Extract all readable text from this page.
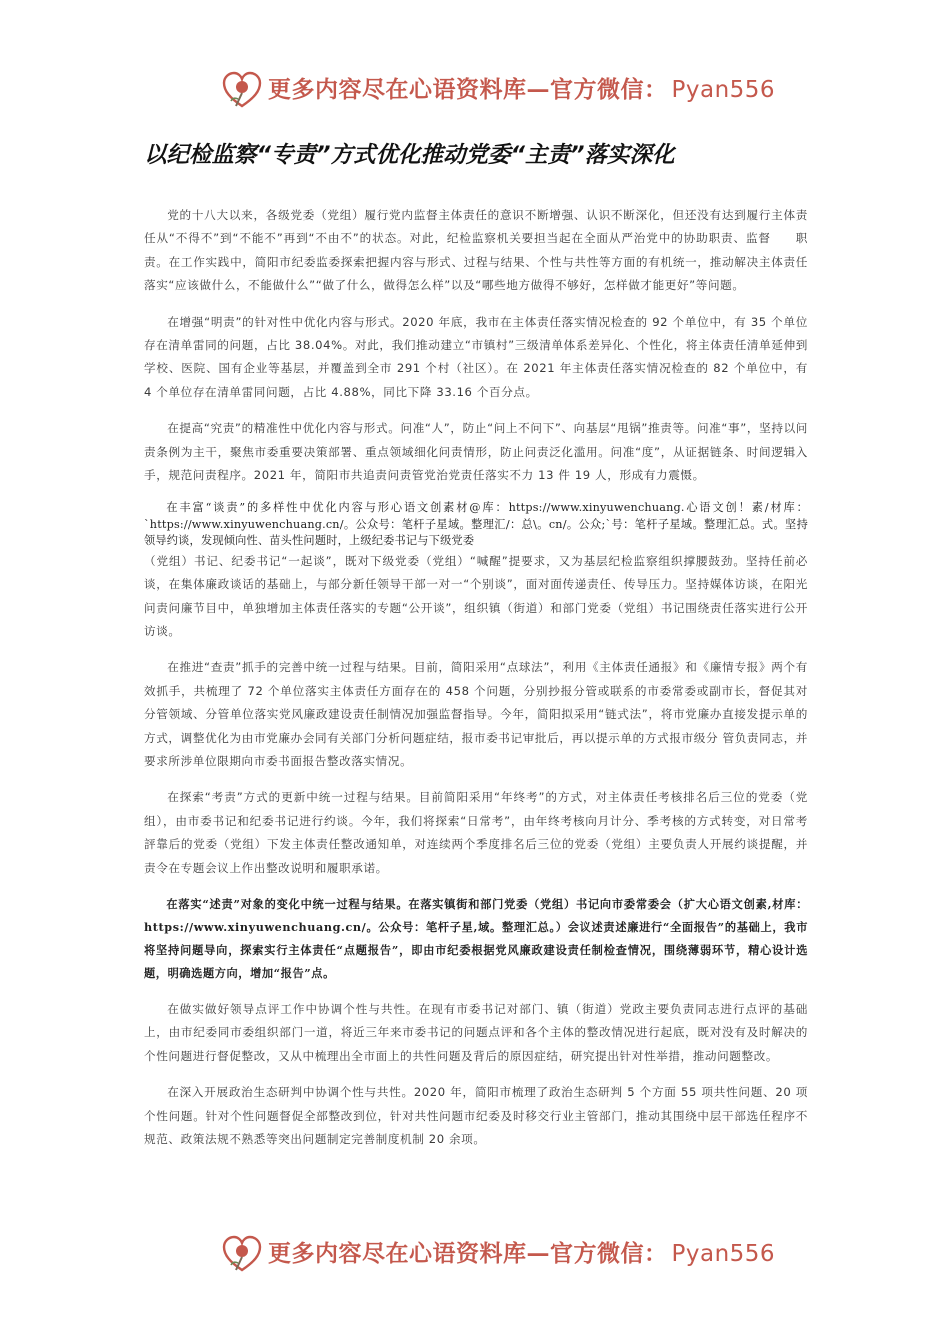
更多内容尽在心语资料库—官方微信： Pyan556
以纪检监察“专责”方式优化推动党委“主责”落实深化

党的十八大以来，各级党委（党组）履行党内监督主体责任的意识不断增强、认识不断深化，但还没有达到履行主体责任从“不得不”到“不能不”再到“不由不”的状态。对此，纪检监察机关要担当起在全面从严治党中的协助职责、监督　　职责。在工作实践中，简阳市纪委监委探索把握内容与形式、过程与结果、个性与共性等方面的有机统一，推动解决主体责任落实“应该做什么，不能做什么”“做了什么，做得怎么样”以及“哪些地方做得不够好，怎样做才能更好”等问题。

在增强“明责”的针对性中优化内容与形式。2020 年底，我市在主体责任落实情况检查的 92 个单位中，有 35 个单位存在清单雷同的问题，占比 38.04%。对此，我们推动建立“市镇村”三级清单体系差异化、个性化，将主体责任清单延伸到学校、医院、国有企业等基层，并覆盖到全市 291 个村（社区）。在 2021 年主体责任落实情况检查的 82 个单位中，有 4 个单位存在清单雷同问题，占比 4.88%，同比下降 33.16 个百分点。

在提高“究责”的精准性中优化内容与形式。问准“人”，防止“问上不问下”、向基层“甩锅”推责等。问准“事”，坚持以问责条例为主干，聚焦市委重要决策部署、重点领域细化问责情形，防止问责泛化滥用。问准“度”，从证据链条、时间逻辑入手，规范问责程序。2021 年，简阳市共追责问责管党治党责任落实不力 13 件 19 人，形成有力震慑。

在丰富“谈责”的多样性中优化内容与形心语文创素材@库：https://www.xinyuwenchuang.心语文创！素/材库：`https://www.xinyuwenchuang.cn/。公众号：笔杆子星域。整理汇/：总\。cn/。公众;`号：笔杆子星域。整理汇总。式。坚持领导约谈，发现倾向性、苗头性问题时，上级纪委书记与下级党委

（党组）书记、纪委书记“一起谈”，既对下级党委（党组）“喊醒”提要求，又为基层纪检监察组织撑腰鼓劲。坚持任前必　　谈，在集体廉政谈话的基础上，与部分新任领导干部一对一“个别谈”，面对面传递责任、传导压力。坚持媒体访谈，在阳光问责问廉节目中，单独增加主体责任落实的专题“公开谈”，组织镇（街道）和部门党委（党组）书记围绕责任落实进行公开访谈。

在推进“查责”抓手的完善中统一过程与结果。目前，简阳采用“点球法”，利用《主体责任通报》和《廉情专报》两个有效抓手，共梳理了 72 个单位落实主体责任方面存在的 458 个问题，分别抄报分管或联系的市委常委或副市长，督促其对分管领域、分管单位落实党风廉政建设责任制情况加强监督指导。今年，简阳拟采用“链式法”，将市党廉办直接发提示单的方式，调整优化为由市党廉办会同有关部门分析问题症结，报市委书记审批后，再以提示单的方式报市级分 管负责同志，并要求所涉单位限期向市委书面报告整改落实情况。

在探索“考责”方式的更新中统一过程与结果。目前简阳采用“年终考”的方式，对主体责任考核排名后三位的党委（党组），由市委书记和纪委书记进行约谈。今年，我们将探索“日常考”，由年终考核向月计分、季考核的方式转变，对日常考評靠后的党委（党组）下发主体责任整改通知单，对连续两个季度排名后三位的党委（党组）主要负责人开展约谈提醒，并责令在专题会议上作出整改说明和履职承诺。

在落实“述责”对象的变化中统一过程与结果。在落实镇街和部门党委（党组）书记向市委常委会（扩大心语文创素,材库：https://www.xinyuwenchuang.cn/。公众号：笔杆子星,域。整理汇总。）会议述责述廉进行“全面报告”的基础上，我市将坚持问题导向，探索实行主体责任“点题报告”，即由市纪委根据党风廉政建设责任制检查情况，围绕薄弱环节，精心设计选题，明确选题方向，增加“报告”点。

在做实做好领导点评工作中协调个性与共性。在现有市委书记对部门、镇（街道）党政主要负责同志进行点评的基础上，由市纪委同市委组织部门一道，将近三年来市委书记的问题点评和各个主体的整改情况进行起底，既对没有及时解决的个性问题进行督促整改，又从中梳理出全市面上的共性问题及背后的原因症结，研究提出针对性举措，推动问题整改。

在深入开展政治生态研判中协调个性与共性。2020 年，简阳市梳理了政治生态研判 5 个方面 55 项共性问题、20 项个性问题。针对个性问题督促全部整改到位，针对共性问题市纪委及时移交行业主管部门，推动其围绕中层干部选任程序不规范、政策法规不熟悉等突出问题制定完善制度机制 20 余项。

更多内容尽在心语资料库—官方微信： Pyan556
